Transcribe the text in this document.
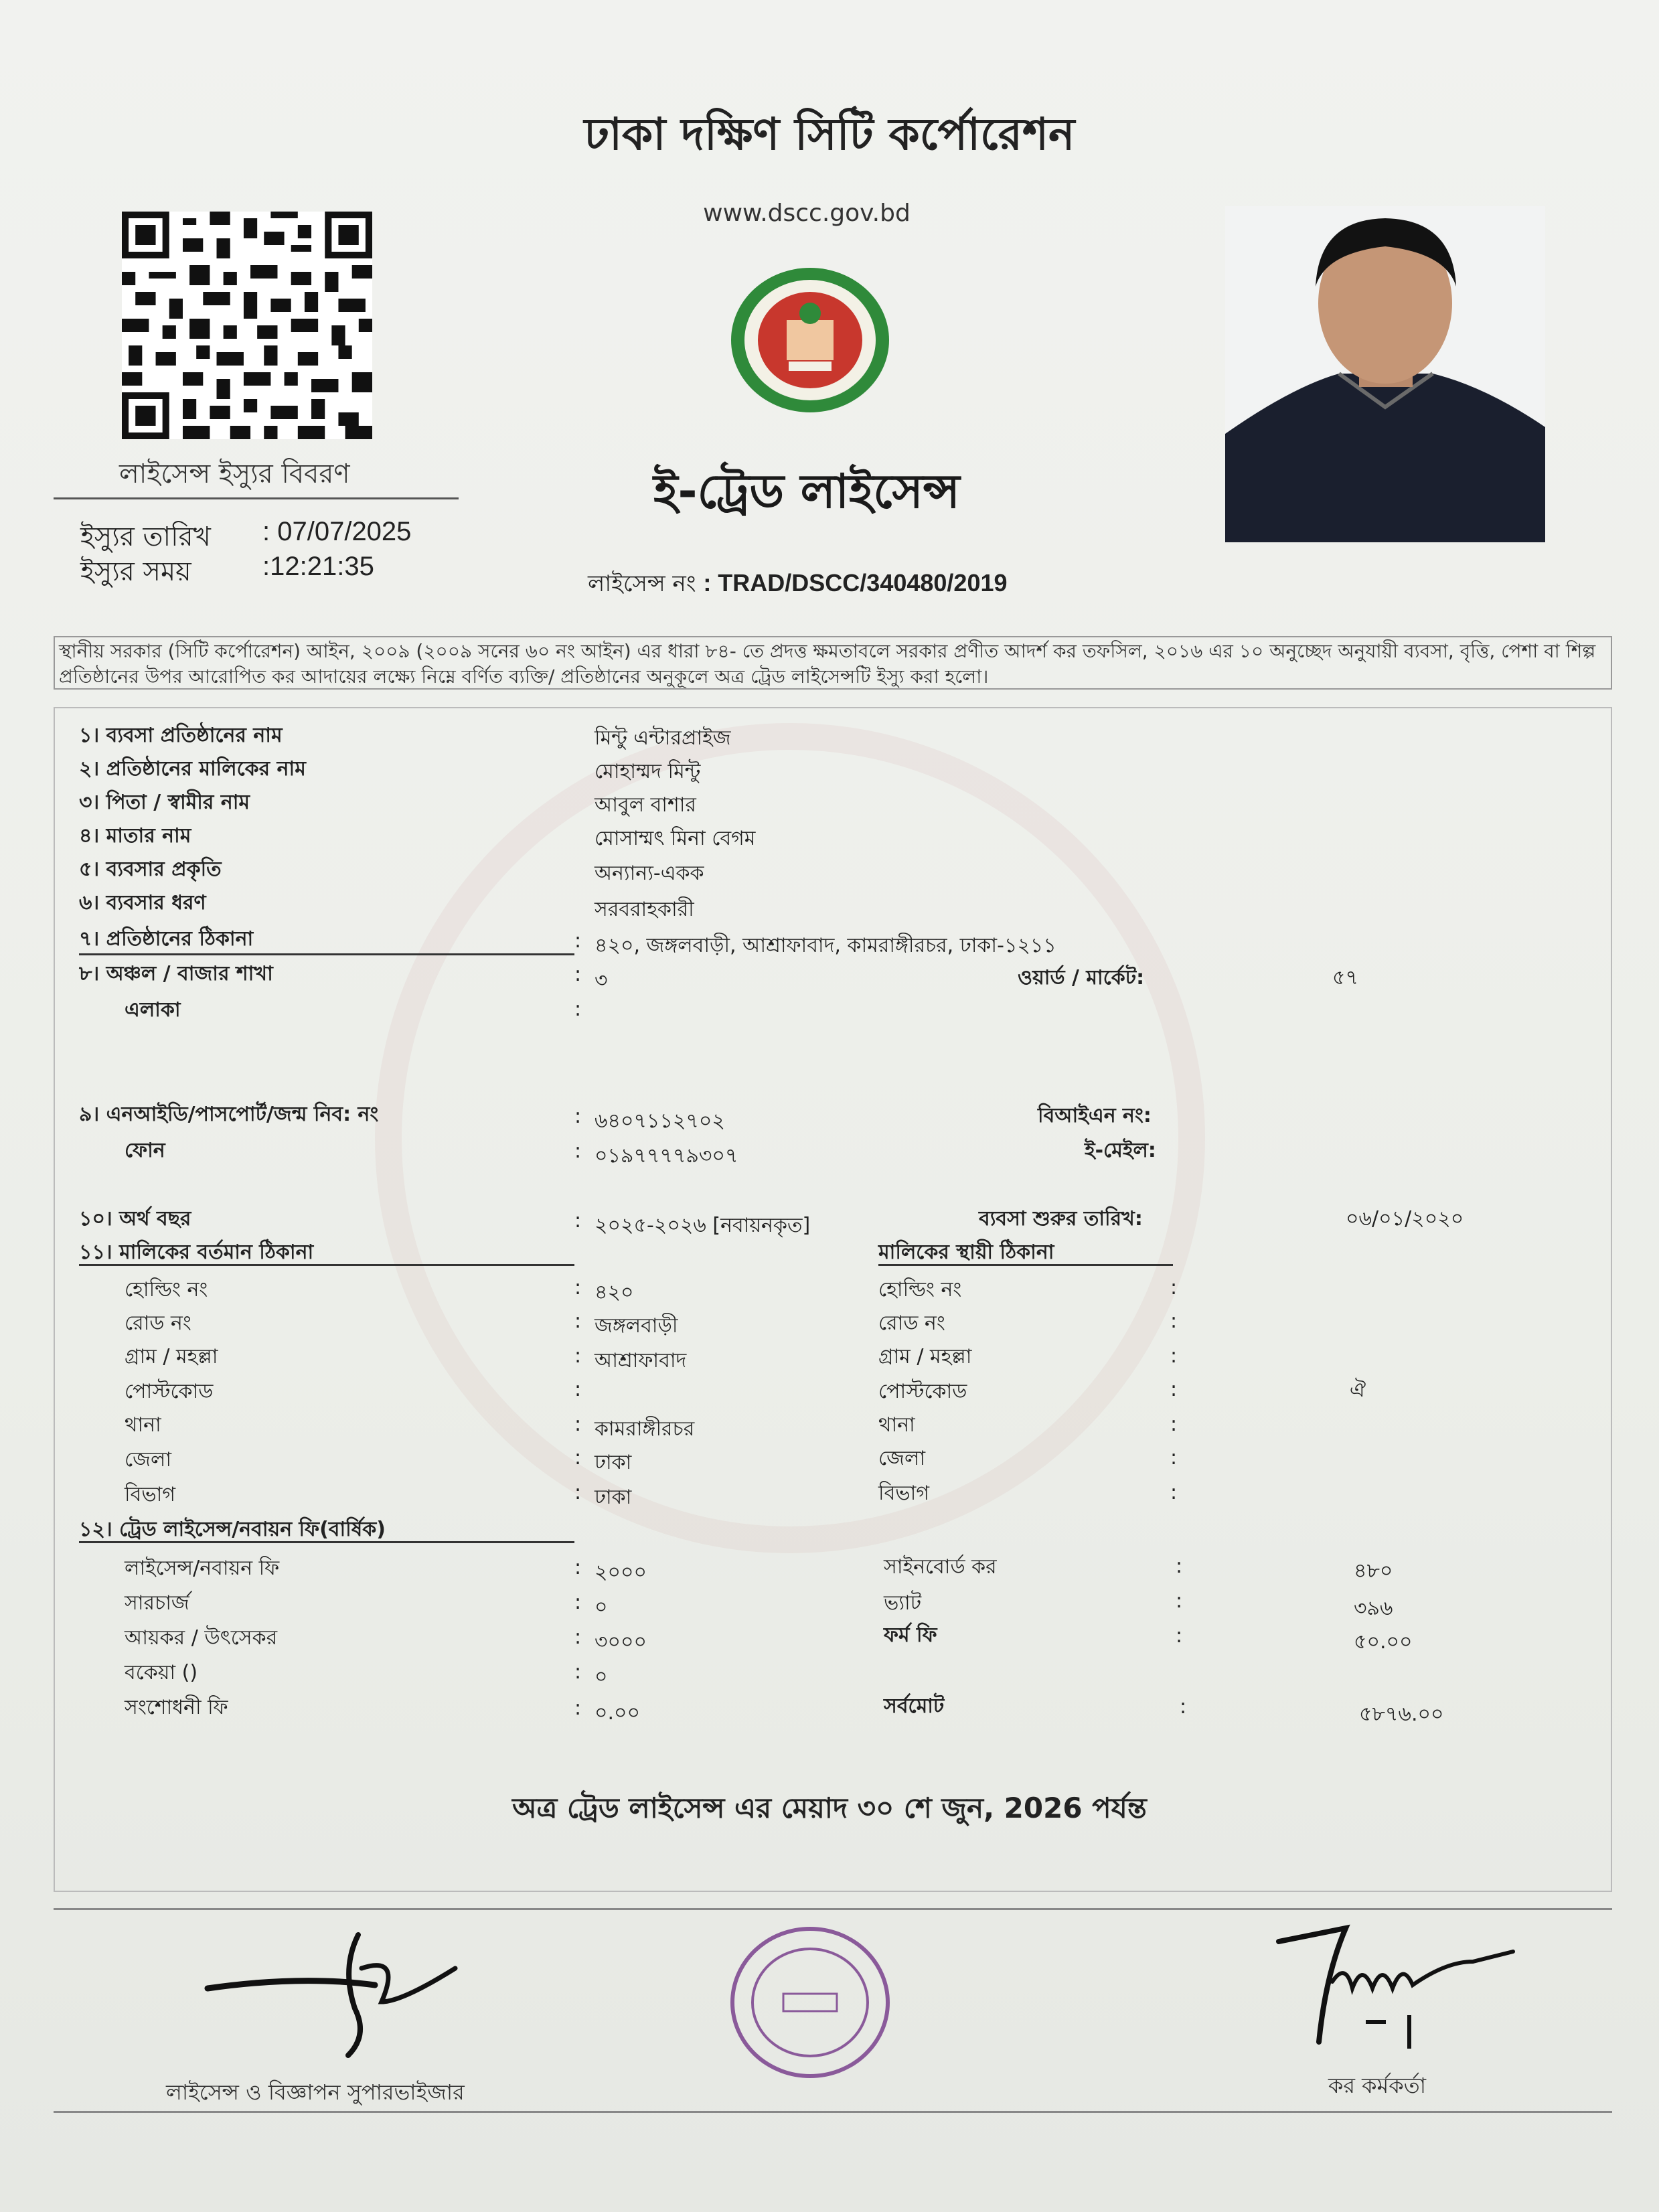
ঢাকা দক্ষিণ সিটি কর্পোরেশন
www.dscc.gov.bd
ই-ট্রেড লাইসেন্স
লাইসেন্স ইস্যুর বিবরণ
ইস্যুর তারিখ : 07/07/2025
ইস্যুর সময়	:12:21:35
লাইসেন্স নং : TRAD/DSCC/340480/2019
স্থানীয় সরকার (সিটি কর্পোরেশন) আইন, ২০০৯ (২০০৯ সনের ৬০ নং আইন) এর ধারা ৮৪- তে প্রদত্ত ক্ষমতাবলে সরকার প্রণীত আদর্শ কর তফসিল, ২০১৬ এর ১০ অনুচ্ছেদ অনুযায়ী ব্যবসা, বৃত্তি, পেশা বা শিল্প প্রতিষ্ঠানের উপর আরোপিত কর আদায়ের লক্ষ্যে নিম্নে বর্ণিত ব্যক্তি/ প্রতিষ্ঠানের অনুকূলে অত্র ট্রেড লাইসেন্সটি ইস্যু করা হলো।
১। ব্যবসা প্রতিষ্ঠানের নাম	মিন্টু এন্টারপ্রাইজ
২। প্রতিষ্ঠানের মালিকের নাম	মোহাম্মদ মিন্টু
৩। পিতা / স্বামীর নাম	আবুল বাশার
৪। মাতার নাম	মোসাম্মৎ মিনা বেগম
৫। ব্যবসার প্রকৃতি	অন্যান্য-একক
৬। ব্যবসার ধরণ	সরবরাহকারী
৭। প্রতিষ্ঠানের ঠিকানা	: ৪২০, জঙ্গলবাড়ী, আশ্রাফাবাদ, কামরাঙ্গীরচর, ঢাকা-১২১১
৮। অঞ্চল / বাজার শাখা	: ৩	ওয়ার্ড / মার্কেট:	৫৭
এলাকা	:
৯। এনআইডি/পাসপোর্ট/জন্ম নিব: নং	: ৬৪০৭১১২৭০২	বিআইএন নং:
ফোন	: ০১৯৭৭৭৭৯৩০৭	ই-মেইল:
১০। অর্থ বছর	: ২০২৫-২০২৬ [নবায়নকৃত]	ব্যবসা শুরুর তারিখ:	০৬/০১/২০২০
১১। মালিকের বর্তমান ঠিকানা	মালিকের স্থায়ী ঠিকানা
হোল্ডিং নং	: ৪২০	হোল্ডিং নং	:
রোড নং	: জঙ্গলবাড়ী	রোড নং	:
গ্রাম / মহল্লা	: আশ্রাফাবাদ	গ্রাম / মহল্লা	:
পোস্টকোড	:	পোস্টকোড	:	ঐ
থানা	: কামরাঙ্গীরচর	থানা	:
জেলা	: ঢাকা	জেলা	:
বিভাগ	: ঢাকা	বিভাগ	:
১২। ট্রেড লাইসেন্স/নবায়ন ফি(বার্ষিক)
লাইসেন্স/নবায়ন ফি	: ২০০০	সাইনবোর্ড কর	:	৪৮০
সারচার্জ	: ০	ভ্যাট	:	৩৯৬
আয়কর / উৎসেকর	: ৩০০০	ফর্ম ফি	:	৫০.০০
বকেয়া ()	: ০
সংশোধনী ফি	: ০.০০	সর্বমোট	:	৫৮৭৬.০০
অত্র ট্রেড লাইসেন্স এর মেয়াদ ৩০ শে জুন, 2026 পর্যন্ত
লাইসেন্স ও বিজ্ঞাপন সুপারভাইজার	কর কর্মকর্তা
